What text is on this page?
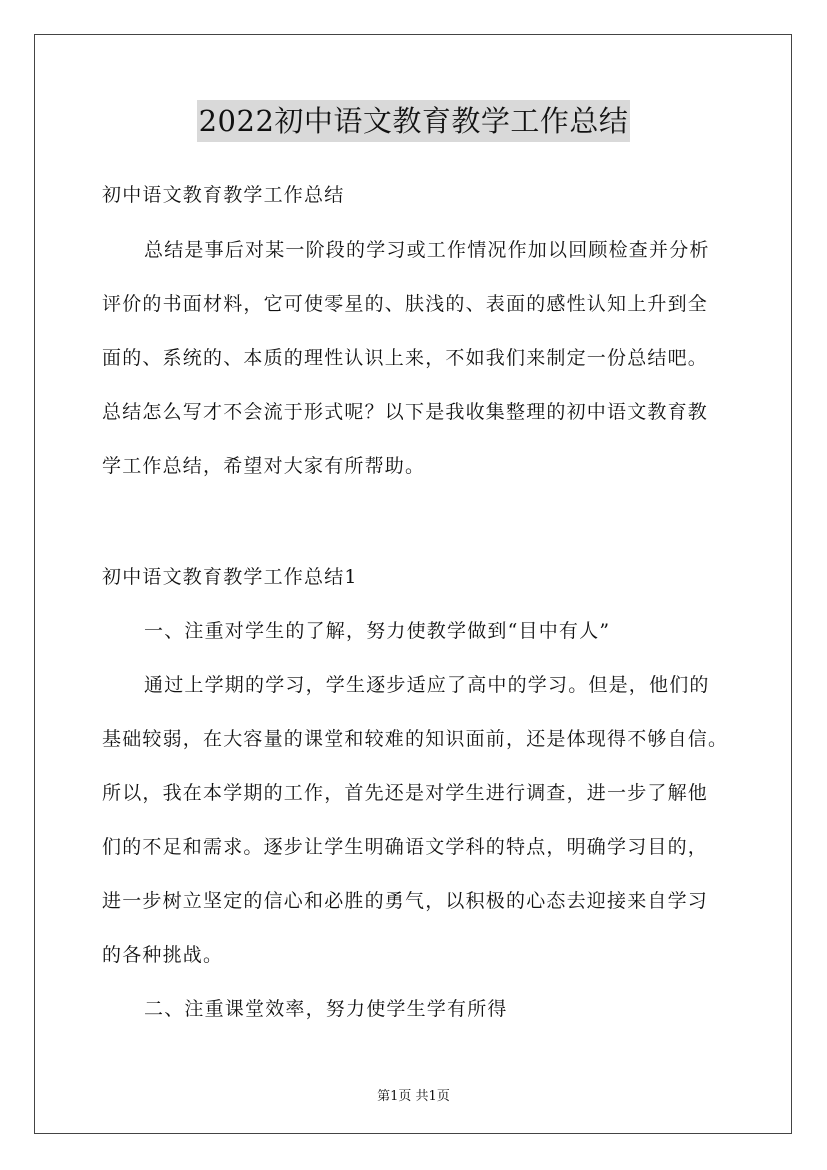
2022初中语文教育教学工作总结
初中语文教育教学工作总结
总结是事后对某一阶段的学习或工作情况作加以回顾检查并分析
评价的书面材料，它可使零星的、肤浅的、表面的感性认知上升到全
面的、系统的、本质的理性认识上来，不如我们来制定一份总结吧。
总结怎么写才不会流于形式呢？以下是我收集整理的初中语文教育教
学工作总结，希望对大家有所帮助。
初中语文教育教学工作总结1
一、注重对学生的了解，努力使教学做到“目中有人”
通过上学期的学习，学生逐步适应了高中的学习。但是，他们的
基础较弱，在大容量的课堂和较难的知识面前，还是体现得不够自信。
所以，我在本学期的工作，首先还是对学生进行调查，进一步了解他
们的不足和需求。逐步让学生明确语文学科的特点，明确学习目的，
进一步树立坚定的信心和必胜的勇气，以积极的心态去迎接来自学习
的各种挑战。
二、注重课堂效率，努力使学生学有所得
第1页 共1页
